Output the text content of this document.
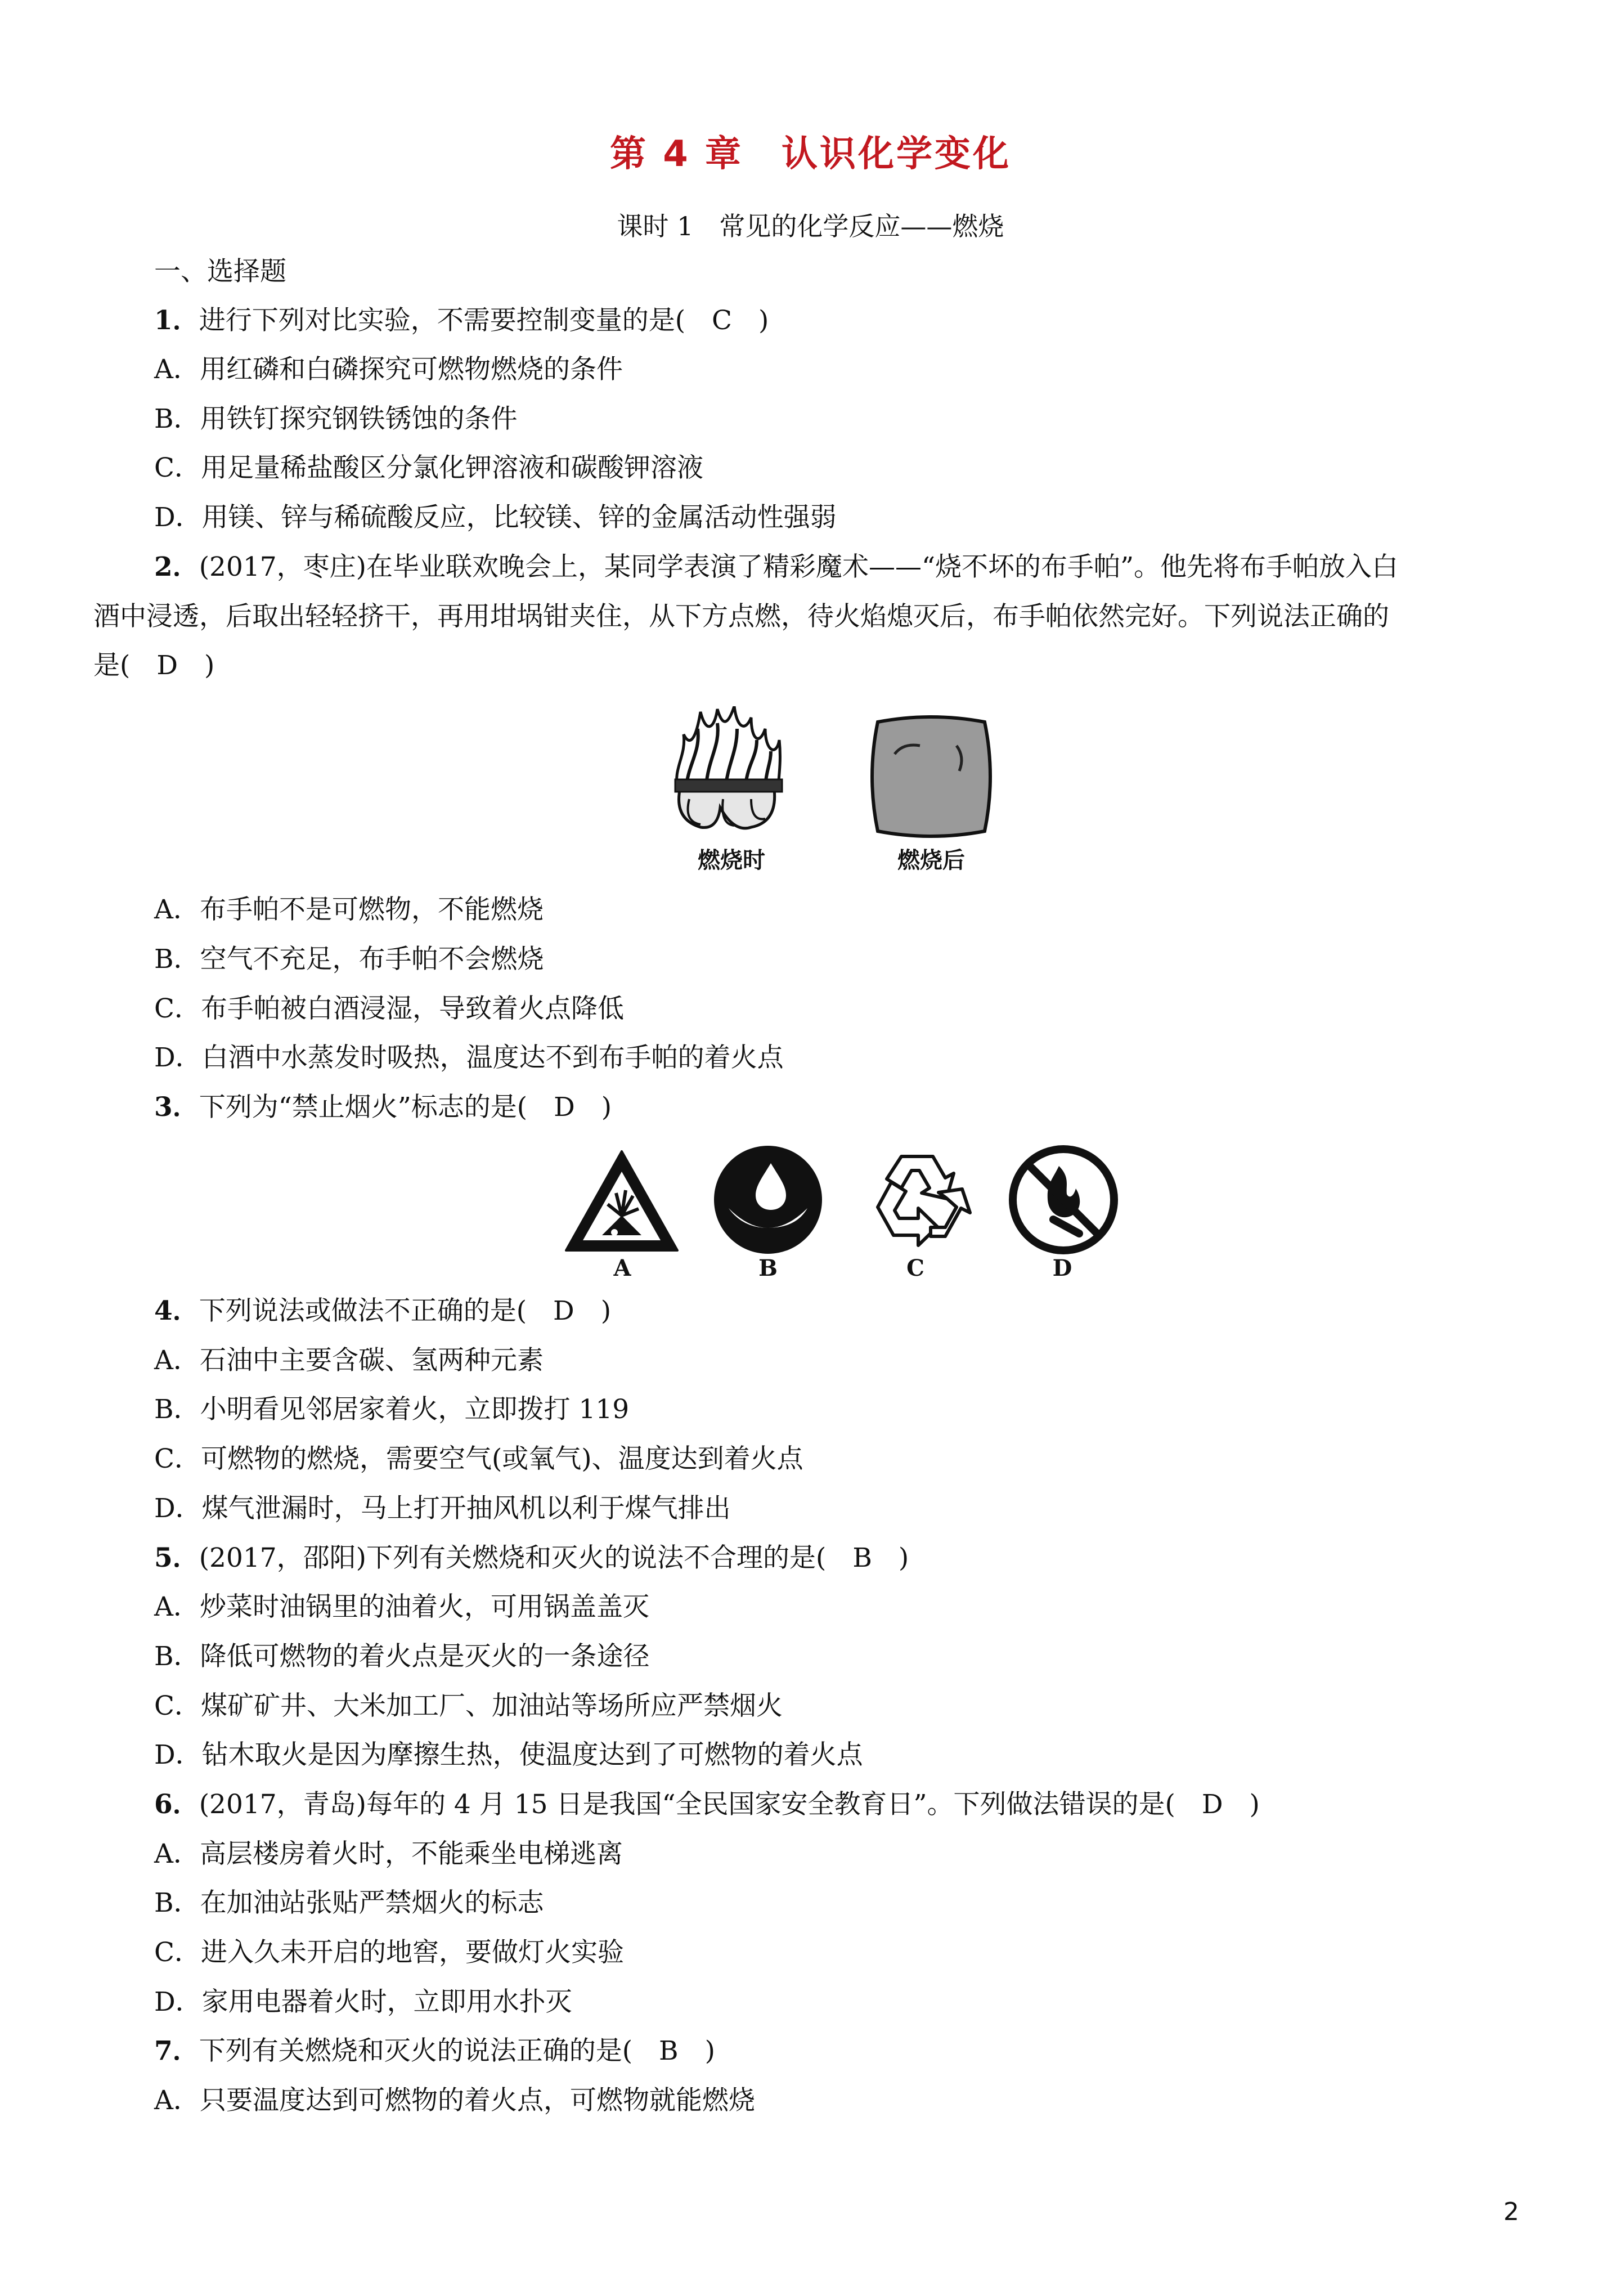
第 4 章　认识化学变化
课时 1　常见的化学反应——燃烧
一、选择题
1．进行下列对比实验，不需要控制变量的是(　C　)
A．用红磷和白磷探究可燃物燃烧的条件
B．用铁钉探究钢铁锈蚀的条件
C．用足量稀盐酸区分氯化钾溶液和碳酸钾溶液
D．用镁、锌与稀硫酸反应，比较镁、锌的金属活动性强弱
2．(2017，枣庄)在毕业联欢晚会上，某同学表演了精彩魔术——“烧不坏的布手帕”。他先将布手帕放入白
酒中浸透，后取出轻轻挤干，再用坩埚钳夹住，从下方点燃，待火焰熄灭后，布手帕依然完好。下列说法正确的
是(　D　)
燃烧时	燃烧后
A．布手帕不是可燃物，不能燃烧
B．空气不充足，布手帕不会燃烧
C．布手帕被白酒浸湿，导致着火点降低
D．白酒中水蒸发时吸热，温度达不到布手帕的着火点
3．下列为“禁止烟火”标志的是(　D　)
A	B	C	D
4．下列说法或做法不正确的是(　D　)
A．石油中主要含碳、氢两种元素
B．小明看见邻居家着火，立即拨打 119
C．可燃物的燃烧，需要空气(或氧气)、温度达到着火点
D．煤气泄漏时，马上打开抽风机以利于煤气排出
5．(2017，邵阳)下列有关燃烧和灭火的说法不合理的是(　B　)
A．炒菜时油锅里的油着火，可用锅盖盖灭
B．降低可燃物的着火点是灭火的一条途径
C．煤矿矿井、大米加工厂、加油站等场所应严禁烟火
D．钻木取火是因为摩擦生热，使温度达到了可燃物的着火点
6．(2017，青岛)每年的 4 月 15 日是我国“全民国家安全教育日”。下列做法错误的是(　D　)
A．高层楼房着火时，不能乘坐电梯逃离
B．在加油站张贴严禁烟火的标志
C．进入久未开启的地窖，要做灯火实验
D．家用电器着火时，立即用水扑灭
7．下列有关燃烧和灭火的说法正确的是(　B　)
A．只要温度达到可燃物的着火点，可燃物就能燃烧
2
